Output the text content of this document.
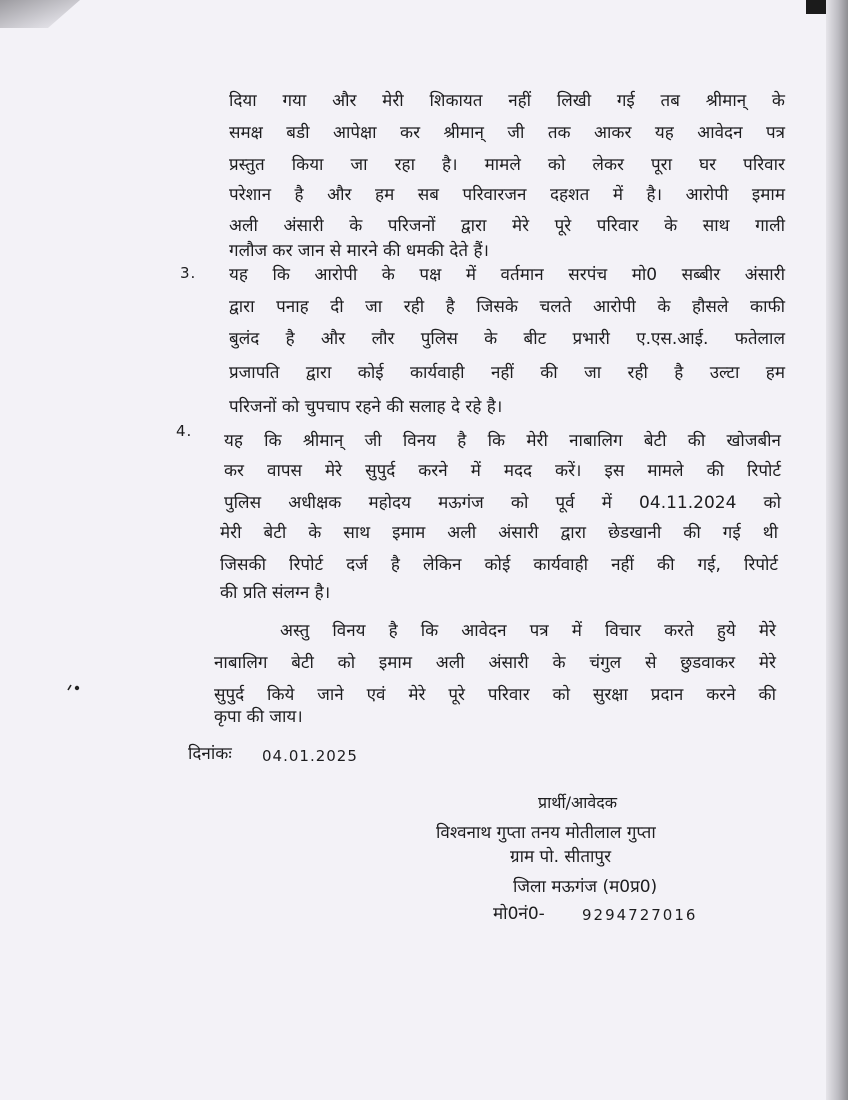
दिया गया और मेरी शिकायत नहीं लिखी गई तब श्रीमान् के
समक्ष बडी आपेक्षा कर श्रीमान् जी तक आकर यह आवेदन पत्र
प्रस्तुत किया जा रहा है। मामले को लेकर पूरा घर परिवार
परेशान है और हम सब परिवारजन दहशत में है। आरोपी इमाम
अली अंसारी के परिजनों द्वारा मेरे पूरे परिवार के साथ गाली
गलौज कर जान से मारने की धमकी देते हैं।
3. यह कि आरोपी के पक्ष में वर्तमान सरपंच मो0 सब्बीर अंसारी
द्वारा पनाह दी जा रही है जिसके चलते आरोपी के हौसले काफी
बुलंद है और लौर पुलिस के बीट प्रभारी ए.एस.आई. फतेलाल
प्रजापति द्वारा कोई कार्यवाही नहीं की जा रही है उल्टा हम
परिजनों को चुपचाप रहने की सलाह दे रहे है।
4. यह कि श्रीमान् जी विनय है कि मेरी नाबालिग बेटी की खोजबीन
कर वापस मेरे सुपुर्द करने में मदद करें। इस मामले की रिपोर्ट
पुलिस अधीक्षक महोदय मऊगंज को पूर्व में 04.11.2024 को
मेरी बेटी के साथ इमाम अली अंसारी द्वारा छेडखानी की गई थी
जिसकी रिपोर्ट दर्ज है लेकिन कोई कार्यवाही नहीं की गई, रिपोर्ट
की प्रति संलग्न है।
अस्तु विनय है कि आवेदन पत्र में विचार करते हुये मेरे
नाबालिग बेटी को इमाम अली अंसारी के चंगुल से छुडवाकर मेरे
सुपुर्द किये जाने एवं मेरे पूरे परिवार को सुरक्षा प्रदान करने की
कृपा की जाय।
दिनांकः 04.01.2025
प्रार्थी/आवेदक
विश्वनाथ गुप्ता तनय मोतीलाल गुप्ता
ग्राम पो. सीतापुर
जिला मऊगंज (म0प्र0)
मो0नं0- 9294727016
